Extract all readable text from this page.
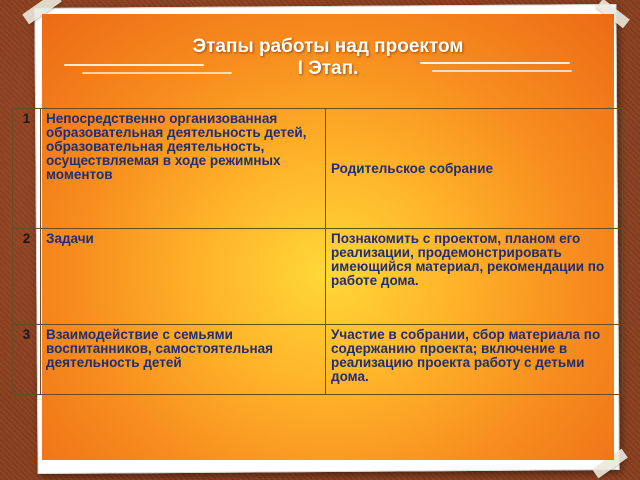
Этапы работы над проектом
I Этап.
1	Непосредственно организованная образовательная деятельность детей, образовательная деятельность, осуществляемая в ходе режимных моментов	Родительское собрание
2	Задачи	Познакомить с проектом, планом его реализации, продемонстрировать имеющийся материал, рекомендации по работе дома.
3	Взаимодействие с семьями воспитанников, самостоятельная деятельность детей	Участие в собрании, сбор материала по содержанию проекта; включение в реализацию проекта работу с детьми дома.
